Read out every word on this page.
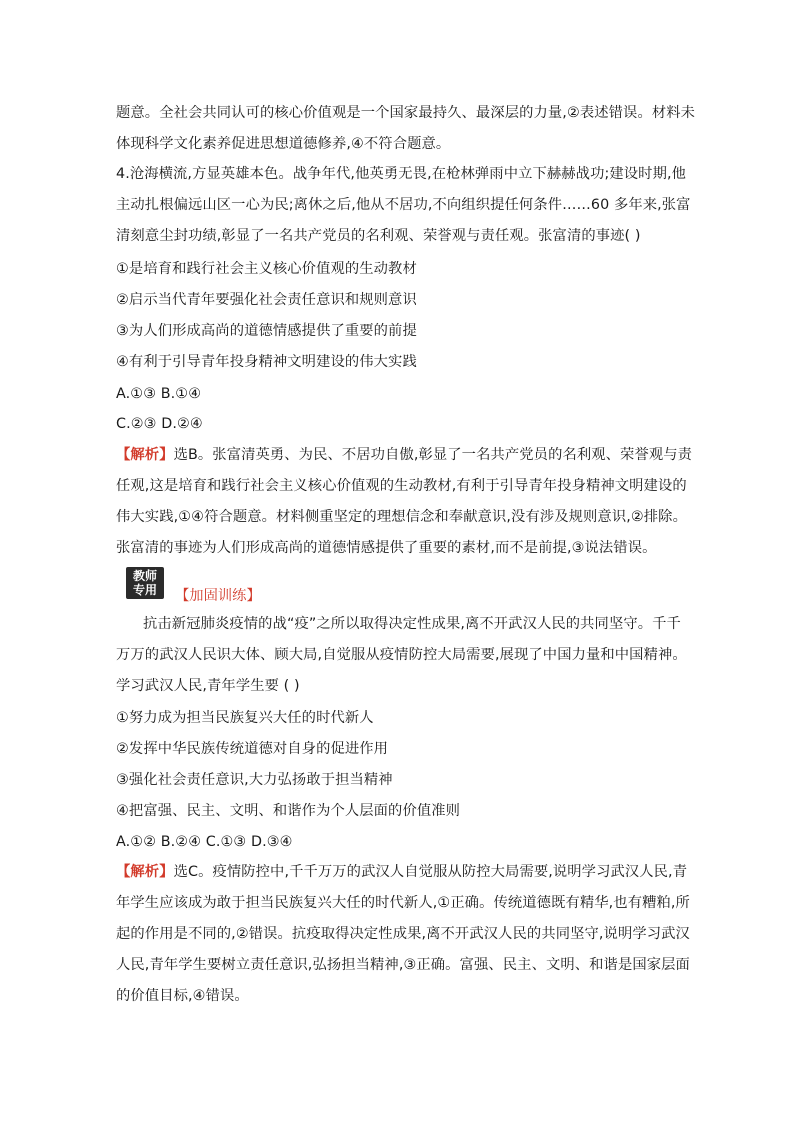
题意。全社会共同认可的核心价值观是一个国家最持久、最深层的力量,②表述错误。材料未
体现科学文化素养促进思想道德修养,④不符合题意。
4.沧海横流,方显英雄本色。战争年代,他英勇无畏,在枪林弹雨中立下赫赫战功;建设时期,他
主动扎根偏远山区一心为民;离休之后,他从不居功,不向组织提任何条件……60 多年来,张富
清刻意尘封功绩,彰显了一名共产党员的名利观、荣誉观与责任观。张富清的事迹( )
①是培育和践行社会主义核心价值观的生动教材
②启示当代青年要强化社会责任意识和规则意识
③为人们形成高尚的道德情感提供了重要的前提
④有利于引导青年投身精神文明建设的伟大实践
A.①③ B.①④
C.②③ D.②④
【解析】选B。张富清英勇、为民、不居功自傲,彰显了一名共产党员的名利观、荣誉观与责
任观,这是培育和践行社会主义核心价值观的生动教材,有利于引导青年投身精神文明建设的
伟大实践,①④符合题意。材料侧重坚定的理想信念和奉献意识,没有涉及规则意识,②排除。
张富清的事迹为人们形成高尚的道德情感提供了重要的素材,而不是前提,③说法错误。
教师
专用	【加固训练】
抗击新冠肺炎疫情的战“疫”之所以取得决定性成果,离不开武汉人民的共同坚守。千千
万万的武汉人民识大体、顾大局,自觉服从疫情防控大局需要,展现了中国力量和中国精神。
学习武汉人民,青年学生要 ( )
①努力成为担当民族复兴大任的时代新人
②发挥中华民族传统道德对自身的促进作用
③强化社会责任意识,大力弘扬敢于担当精神
④把富强、民主、文明、和谐作为个人层面的价值准则
A.①② B.②④ C.①③ D.③④
【解析】选C。疫情防控中,千千万万的武汉人自觉服从防控大局需要,说明学习武汉人民,青
年学生应该成为敢于担当民族复兴大任的时代新人,①正确。传统道德既有精华,也有糟粕,所
起的作用是不同的,②错误。抗疫取得决定性成果,离不开武汉人民的共同坚守,说明学习武汉
人民,青年学生要树立责任意识,弘扬担当精神,③正确。富强、民主、文明、和谐是国家层面
的价值目标,④错误。
